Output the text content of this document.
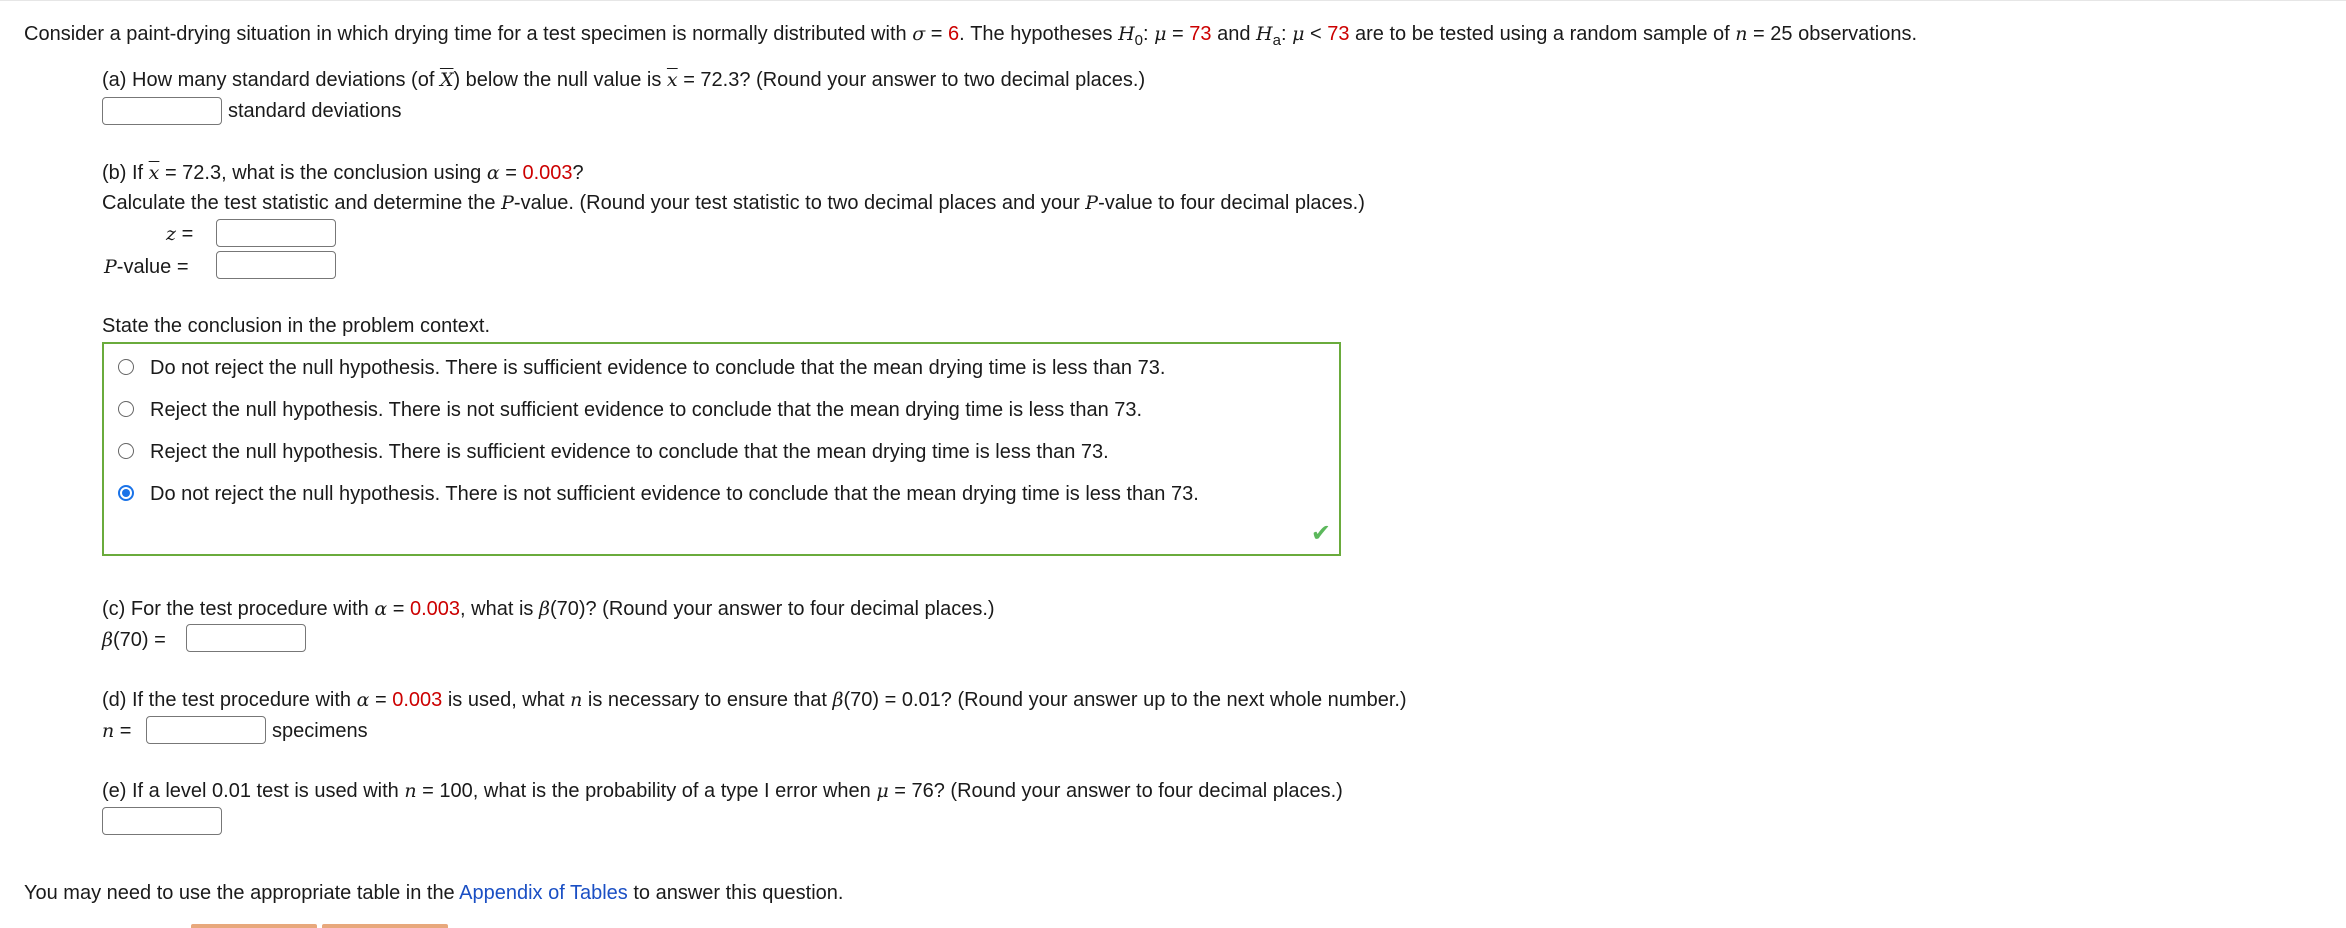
Consider a paint-drying situation in which drying time for a test specimen is normally distributed with σ = 6. The hypotheses $H_0$: μ = 73 and $H_a$: μ < 73 are to be tested using a random sample of n = 25 observations.
(a) How many standard deviations (of $\overline{X}$) below the null value is $\overline{x} = 72.3$? (Round your answer to two decimal places.)
standard deviations
(b) If $\overline{x} = 72.3$, what is the conclusion using α = 0.003?
Calculate the test statistic and determine the P-value. (Round your test statistic to two decimal places and your P-value to four decimal places.)
z =
P-value =
State the conclusion in the problem context.
Do not reject the null hypothesis. There is sufficient evidence to conclude that the mean drying time is less than 73.
Reject the null hypothesis. There is not sufficient evidence to conclude that the mean drying time is less than 73.
Reject the null hypothesis. There is sufficient evidence to conclude that the mean drying time is less than 73.
Do not reject the null hypothesis. There is not sufficient evidence to conclude that the mean drying time is less than 73.
✔
(c) For the test procedure with α = 0.003, what is β(70)? (Round your answer to four decimal places.)
β(70) =
(d) If the test procedure with α = 0.003 is used, what n is necessary to ensure that β(70) = 0.01? (Round your answer up to the next whole number.)
n =	specimens
(e) If a level 0.01 test is used with n = 100, what is the probability of a type I error when μ = 76? (Round your answer to four decimal places.)
You may need to use the appropriate table in the Appendix of Tables to answer this question.
